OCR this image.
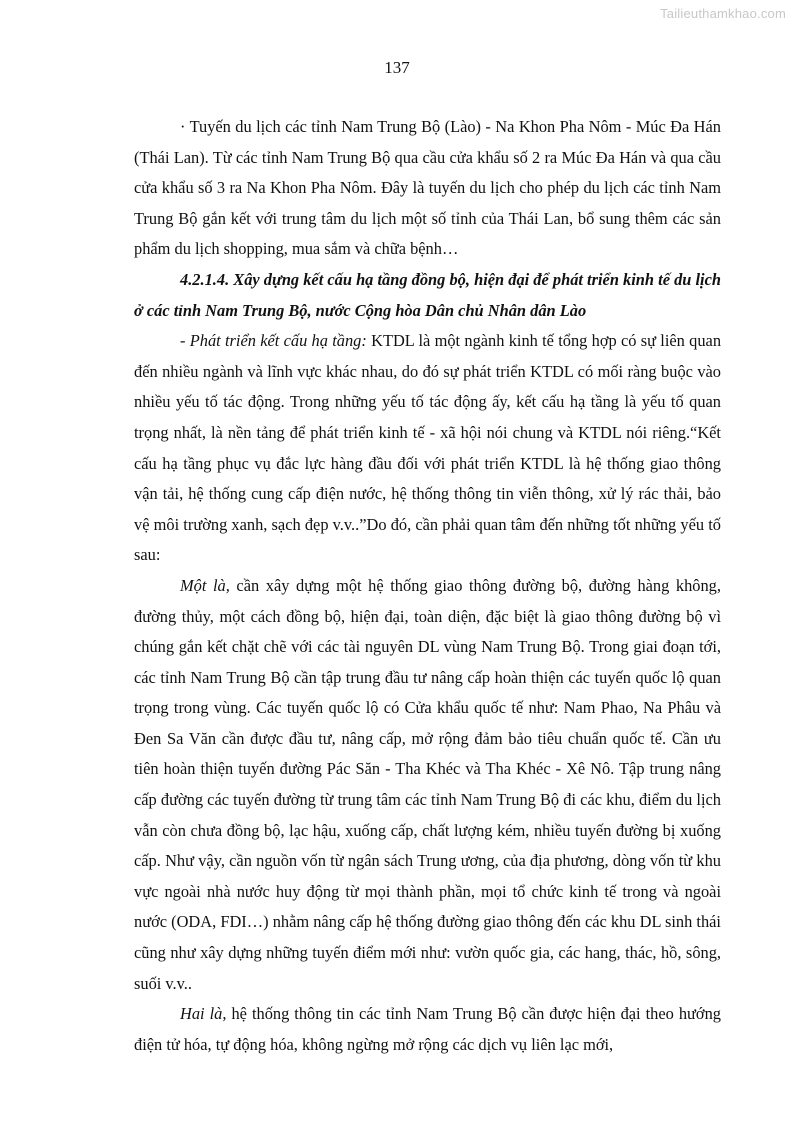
Tailieuthamkhao.com
137

· Tuyến du lịch các tỉnh Nam Trung Bộ (Lào) - Na Khon Pha Nôm - Múc Đa Hán (Thái Lan). Từ các tỉnh Nam Trung Bộ qua cầu cửa khẩu số 2 ra Múc Đa Hán và qua cầu cửa khẩu số 3 ra Na Khon Pha Nôm. Đây là tuyến du lịch cho phép du lịch các tỉnh Nam Trung Bộ gắn kết với trung tâm du lịch một số tỉnh của Thái Lan, bổ sung thêm các sản phẩm du lịch shopping, mua sắm và chữa bệnh…

4.2.1.4. Xây dựng kết cấu hạ tầng đồng bộ, hiện đại để phát triển kinh tế du lịch ở các tỉnh Nam Trung Bộ, nước Cộng hòa Dân chủ Nhân dân Lào

- Phát triển kết cấu hạ tầng: KTDL là một ngành kinh tế tổng hợp có sự liên quan đến nhiều ngành và lĩnh vực khác nhau, do đó sự phát triển KTDL có mối ràng buộc vào nhiều yếu tố tác động. Trong những yếu tố tác động ấy, kết cấu hạ tầng là yếu tố quan trọng nhất, là nền tảng để phát triển kinh tế - xã hội nói chung và KTDL nói riêng.“Kết cấu hạ tầng phục vụ đắc lực hàng đầu đối với phát triển KTDL là hệ thống giao thông vận tải, hệ thống cung cấp điện nước, hệ thống thông tin viễn thông, xử lý rác thải, bảo vệ môi trường xanh, sạch đẹp v.v..”Do đó, cần phải quan tâm đến những tốt những yếu tố sau:

Một là, cần xây dựng một hệ thống giao thông đường bộ, đường hàng không, đường thủy, một cách đồng bộ, hiện đại, toàn diện, đặc biệt là giao thông đường bộ vì chúng gắn kết chặt chẽ với các tài nguyên DL vùng Nam Trung Bộ. Trong giai đoạn tới, các tỉnh Nam Trung Bộ cần tập trung đầu tư nâng cấp hoàn thiện các tuyến quốc lộ quan trọng trong vùng. Các tuyến quốc lộ có Cửa khẩu quốc tế như: Nam Phao, Na Phâu và Đen Sa Văn cần được đầu tư, nâng cấp, mở rộng đảm bảo tiêu chuẩn quốc tế. Cần ưu tiên hoàn thiện tuyến đường Pác Săn - Tha Khéc và Tha Khéc - Xê Nô. Tập trung nâng cấp đường các tuyến đường từ trung tâm các tỉnh Nam Trung Bộ đi các khu, điểm du lịch vẫn còn chưa đồng bộ, lạc hậu, xuống cấp, chất lượng kém, nhiều tuyến đường bị xuống cấp. Như vậy, cần nguồn vốn từ ngân sách Trung ương, của địa phương, dòng vốn từ khu vực ngoài nhà nước huy động từ mọi thành phần, mọi tổ chức kinh tế trong và ngoài nước (ODA, FDI…) nhằm nâng cấp hệ thống đường giao thông đến các khu DL sinh thái cũng như xây dựng những tuyến điểm mới như: vườn quốc gia, các hang, thác, hồ, sông, suối v.v..

Hai là, hệ thống thông tin các tỉnh Nam Trung Bộ cần được hiện đại theo hướng điện tử hóa, tự động hóa, không ngừng mở rộng các dịch vụ liên lạc mới,
